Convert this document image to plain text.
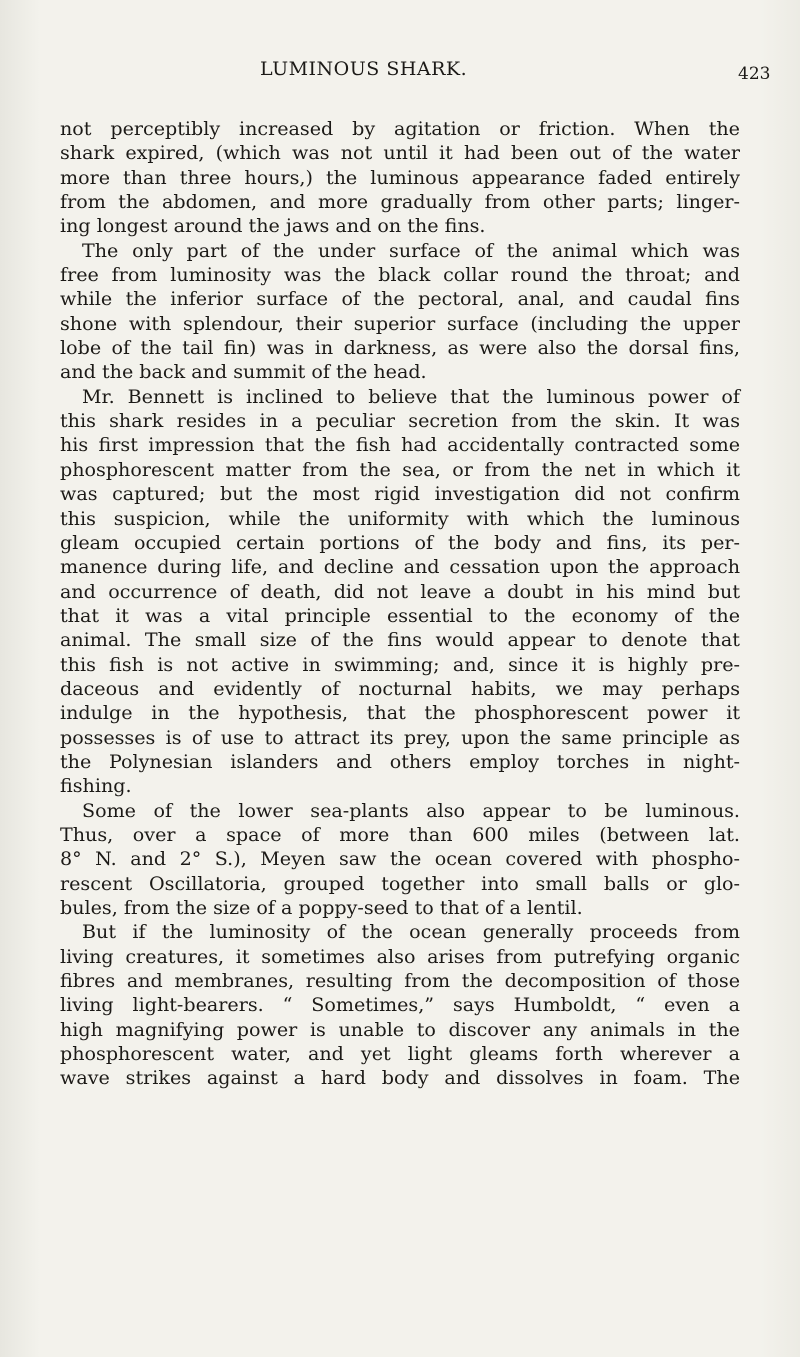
LUMINOUS SHARK.	423
not perceptibly increased by agitation or friction. When the
shark expired, (which was not until it had been out of the water
more than three hours,) the luminous appearance faded entirely
from the abdomen, and more gradually from other parts; linger-
ing longest around the jaws and on the fins.
The only part of the under surface of the animal which was
free from luminosity was the black collar round the throat; and
while the inferior surface of the pectoral, anal, and caudal fins
shone with splendour, their superior surface (including the upper
lobe of the tail fin) was in darkness, as were also the dorsal fins,
and the back and summit of the head.
Mr. Bennett is inclined to believe that the luminous power of
this shark resides in a peculiar secretion from the skin. It was
his first impression that the fish had accidentally contracted some
phosphorescent matter from the sea, or from the net in which it
was captured; but the most rigid investigation did not confirm
this suspicion, while the uniformity with which the luminous
gleam occupied certain portions of the body and fins, its per-
manence during life, and decline and cessation upon the approach
and occurrence of death, did not leave a doubt in his mind but
that it was a vital principle essential to the economy of the
animal. The small size of the fins would appear to denote that
this fish is not active in swimming; and, since it is highly pre-
daceous and evidently of nocturnal habits, we may perhaps
indulge in the hypothesis, that the phosphorescent power it
possesses is of use to attract its prey, upon the same principle as
the Polynesian islanders and others employ torches in night-
fishing.
Some of the lower sea-plants also appear to be luminous.
Thus, over a space of more than 600 miles (between lat.
8° N. and 2° S.), Meyen saw the ocean covered with phospho-
rescent Oscillatoria, grouped together into small balls or glo-
bules, from the size of a poppy-seed to that of a lentil.
But if the luminosity of the ocean generally proceeds from
living creatures, it sometimes also arises from putrefying organic
fibres and membranes, resulting from the decomposition of those
living light-bearers. “ Sometimes,” says Humboldt, “ even a
high magnifying power is unable to discover any animals in the
phosphorescent water, and yet light gleams forth wherever a
wave strikes against a hard body and dissolves in foam. The
